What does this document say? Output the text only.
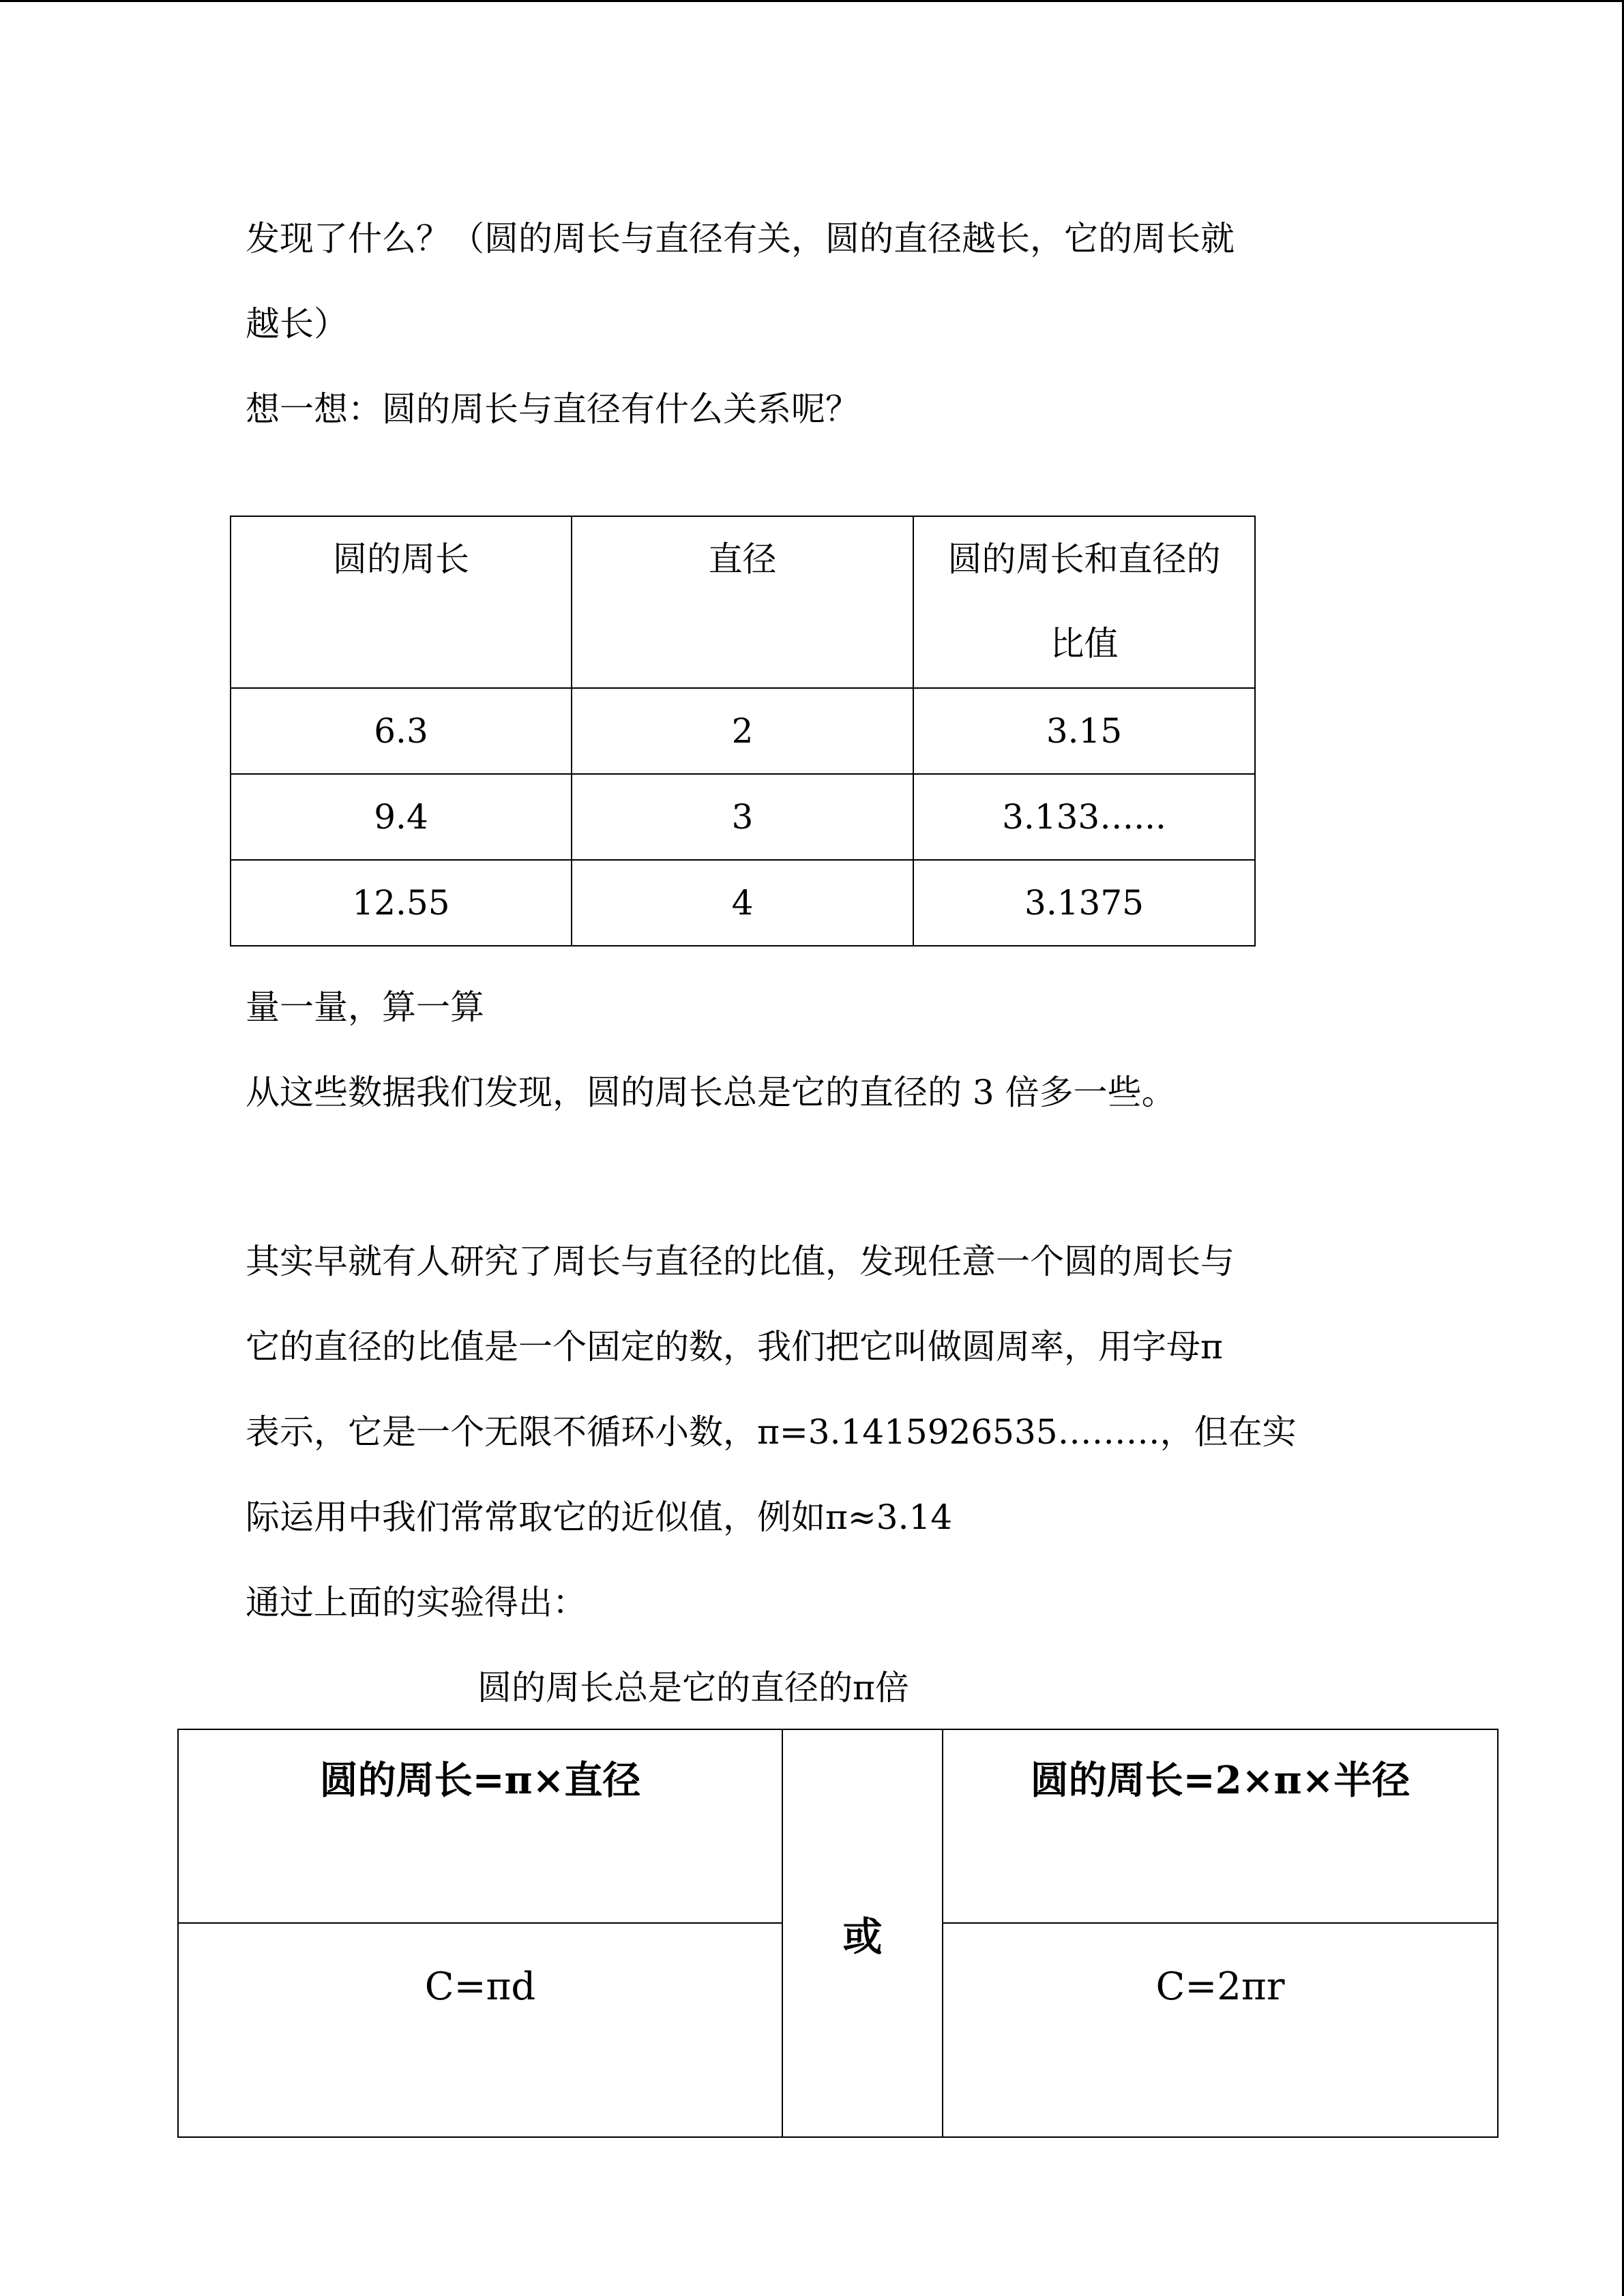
发现了什么？（圆的周长与直径有关，圆的直径越长，它的周长就
越长）
想一想：圆的周长与直径有什么关系呢？
圆的周长	直径	圆的周长和直径的
比值

6.3	2	3.15
9.4	3	3.133…...
12.55	4	3.1375
量一量，算一算
从这些数据我们发现，圆的周长总是它的直径的 3 倍多一些。
其实早就有人研究了周长与直径的比值，发现任意一个圆的周长与
它的直径的比值是一个固定的数，我们把它叫做圆周率，用字母π
表示，它是一个无限不循环小数，π=3.1415926535………，但在实
际运用中我们常常取它的近似值，例如π≈3.14
通过上面的实验得出：
圆的周长总是它的直径的π倍
圆的周长=π×直径	或	圆的周长=2×π×半径
C=πd		C=2πr
